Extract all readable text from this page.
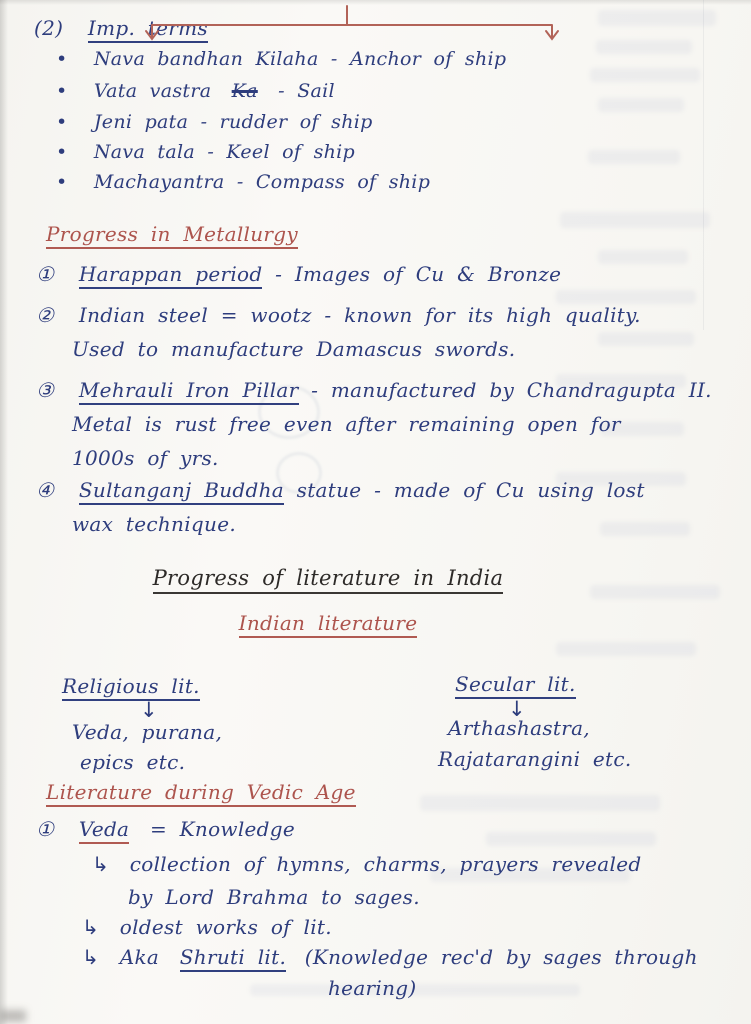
(2) Imp. terms
• Nava bandhan Kilaha - Anchor of ship
• Vata vastra Ka - Sail
• Jeni pata - rudder of ship
• Nava tala - Keel of ship
• Machayantra - Compass of ship
Progress in Metallurgy
① Harappan period - Images of Cu & Bronze
② Indian steel = wootz - known for its high quality.
Used to manufacture Damascus swords.
③ Mehrauli Iron Pillar - manufactured by Chandragupta II.
Metal is rust free even after remaining open for
1000s of yrs.
④ Sultanganj Buddha statue - made of Cu using lost
wax technique.
Progress of literature in India
Indian literature
Religious lit.
↓
Veda, purana,
epics etc.
Secular lit.
↓
Arthashastra,
Rajatarangini etc.
Literature during Vedic Age
① Veda = Knowledge
↳ collection of hymns, charms, prayers revealed
by Lord Brahma to sages.
↳ oldest works of lit.
↳ Aka Shruti lit. (Knowledge rec'd by sages through
hearing)
